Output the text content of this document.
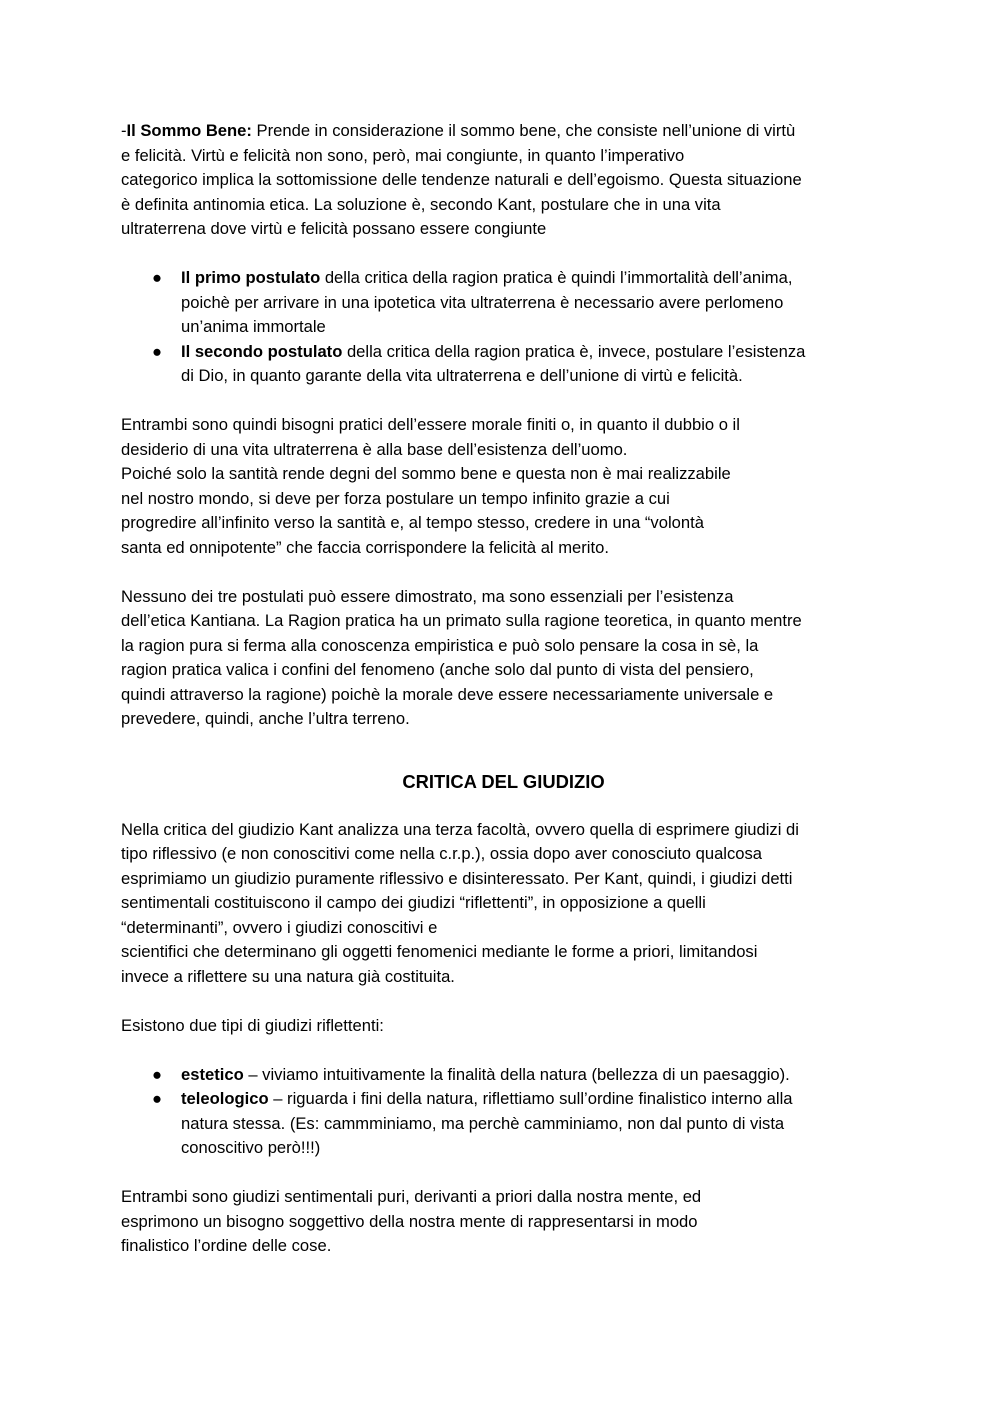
-Il Sommo Bene: Prende in considerazione il sommo bene, che consiste nell’unione di virtù
e felicità. Virtù e felicità non sono, però, mai congiunte, in quanto l’imperativo
categorico implica la sottomissione delle tendenze naturali e dell’egoismo. Questa situazione
è definita antinomia etica. La soluzione è, secondo Kant, postulare che in una vita
ultraterrena dove virtù e felicità possano essere congiunte

● Il primo postulato della critica della ragion pratica è quindi l’immortalità dell’anima,
poichè per arrivare in una ipotetica vita ultraterrena è necessario avere perlomeno
un’anima immortale
● Il secondo postulato della critica della ragion pratica è, invece, postulare l’esistenza
di Dio, in quanto garante della vita ultraterrena e dell’unione di virtù e felicità.

Entrambi sono quindi bisogni pratici dell’essere morale finiti o, in quanto il dubbio o il
desiderio di una vita ultraterrena è alla base dell’esistenza dell’uomo.
Poiché solo la santità rende degni del sommo bene e questa non è mai realizzabile
nel nostro mondo, si deve per forza postulare un tempo infinito grazie a cui
progredire all’infinito verso la santità e, al tempo stesso, credere in una “volontà
santa ed onnipotente” che faccia corrispondere la felicità al merito.

Nessuno dei tre postulati può essere dimostrato, ma sono essenziali per l’esistenza
dell’etica Kantiana. La Ragion pratica ha un primato sulla ragione teoretica, in quanto mentre
la ragion pura si ferma alla conoscenza empiristica e può solo pensare la cosa in sè, la
ragion pratica valica i confini del fenomeno (anche solo dal punto di vista del pensiero,
quindi attraverso la ragione) poichè la morale deve essere necessariamente universale e
prevedere, quindi, anche l’ultra terreno.

CRITICA DEL GIUDIZIO

Nella critica del giudizio Kant analizza una terza facoltà, ovvero quella di esprimere giudizi di
tipo riflessivo (e non conoscitivi come nella c.r.p.), ossia dopo aver conosciuto qualcosa
esprimiamo un giudizio puramente riflessivo e disinteressato. Per Kant, quindi, i giudizi detti
sentimentali costituiscono il campo dei giudizi “riflettenti”, in opposizione a quelli
“determinanti”, ovvero i giudizi conoscitivi e
scientifici che determinano gli oggetti fenomenici mediante le forme a priori, limitandosi
invece a riflettere su una natura già costituita.

Esistono due tipi di giudizi riflettenti:

● estetico – viviamo intuitivamente la finalità della natura (bellezza di un paesaggio).
● teleologico – riguarda i fini della natura, riflettiamo sull’ordine finalistico interno alla
natura stessa. (Es: cammminiamo, ma perchè camminiamo, non dal punto di vista
conoscitivo però!!!)

Entrambi sono giudizi sentimentali puri, derivanti a priori dalla nostra mente, ed
esprimono un bisogno soggettivo della nostra mente di rappresentarsi in modo
finalistico l’ordine delle cose.
